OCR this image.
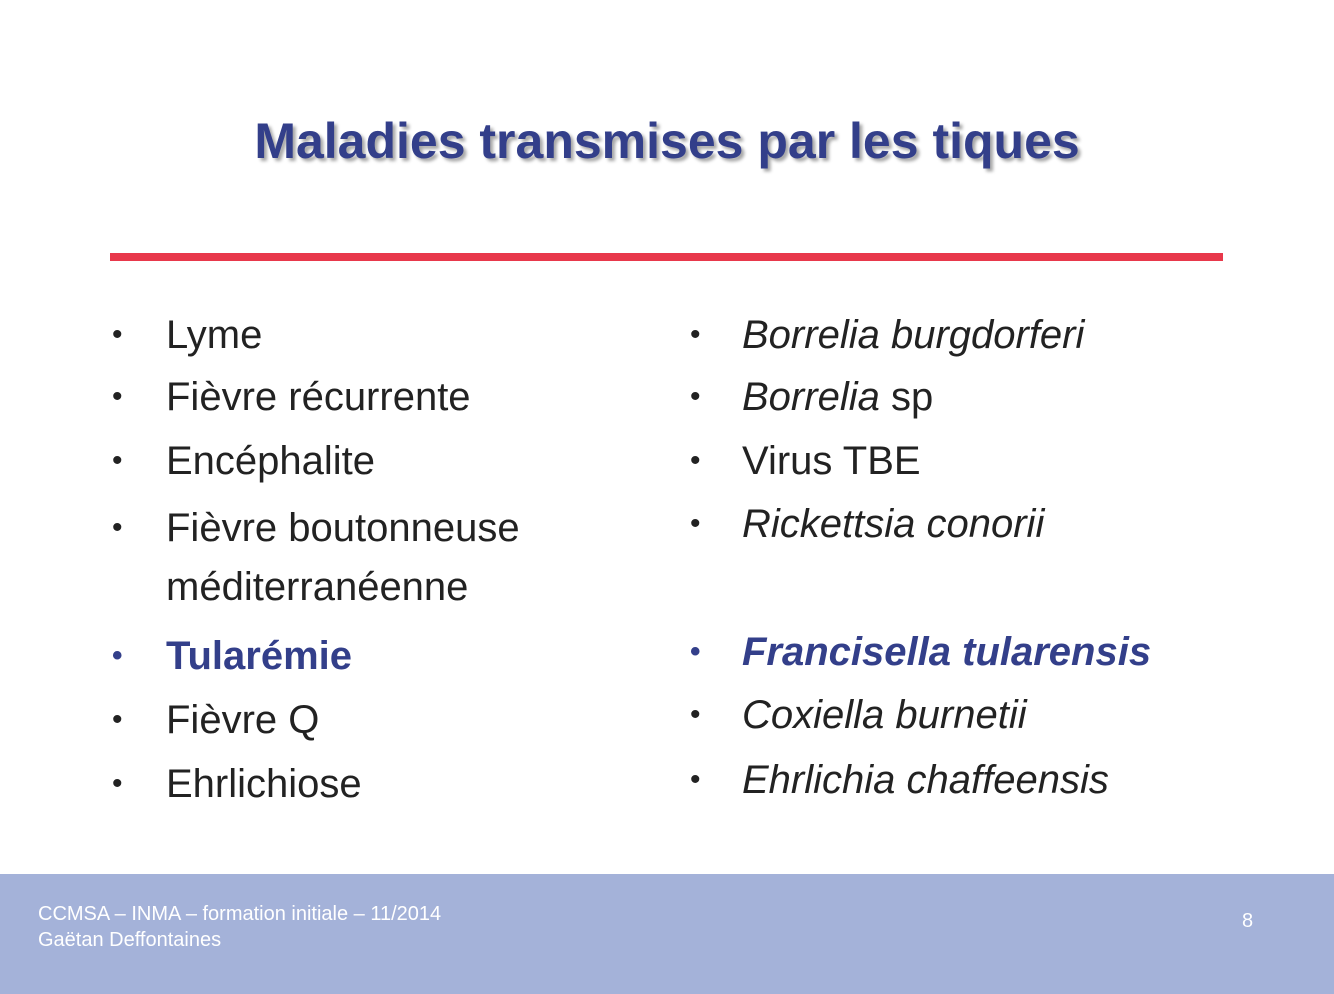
Maladies transmises par les tiques
• Lyme
• Fièvre récurrente
• Encéphalite
• Fièvre boutonneuse
méditerranéenne
• Tularémie
• Fièvre Q
• Ehrlichiose
• Borrelia burgdorferi
• Borrelia sp
• Virus TBE
• Rickettsia conorii
• Francisella tularensis
• Coxiella burnetii
• Ehrlichia chaffeensis
CCMSA – INMA – formation initiale – 11/2014
Gaëtan Deffontaines
8
